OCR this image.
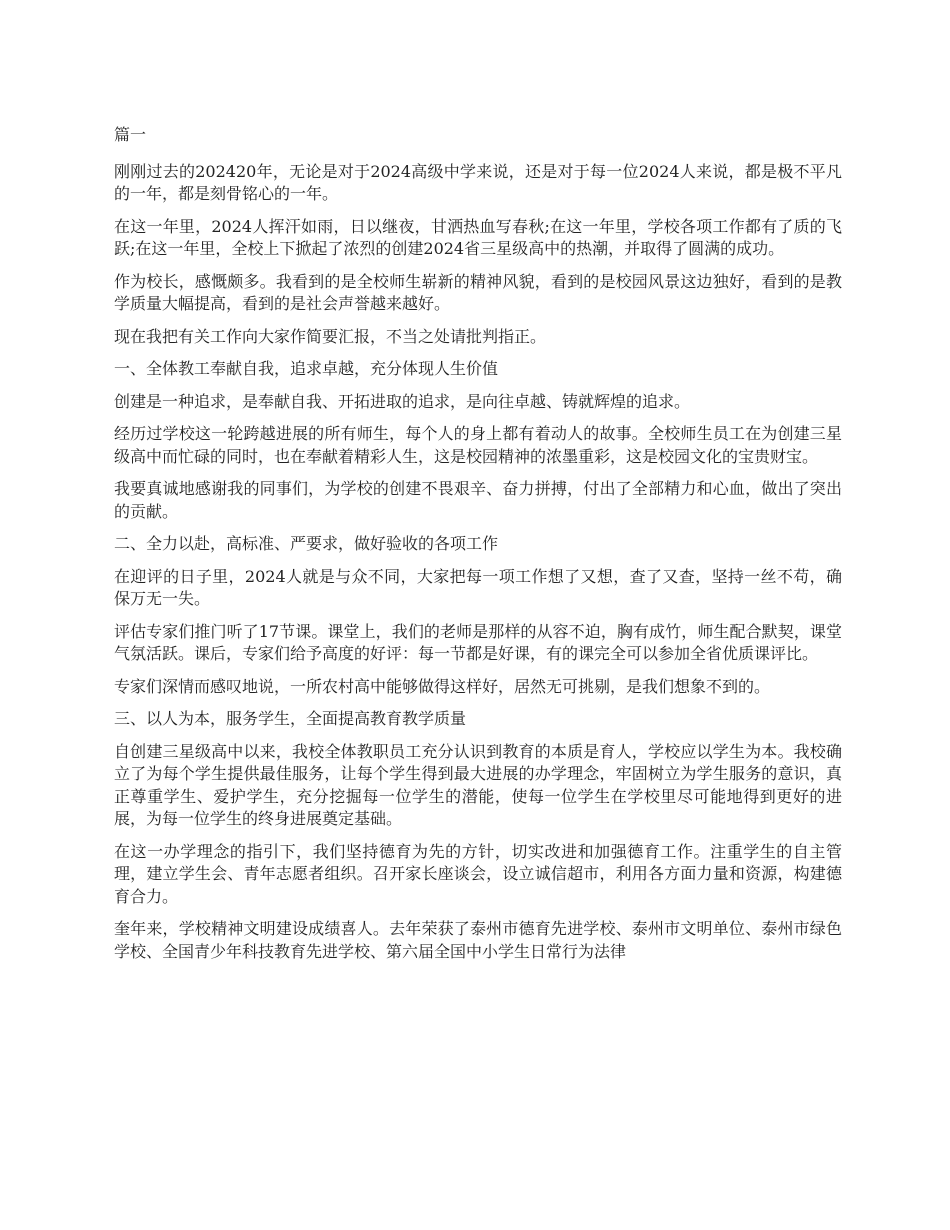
篇一

刚刚过去的202420年，无论是对于2024高级中学来说，还是对于每一位2024人来说，都是极不平凡的一年，都是刻骨铭心的一年。

在这一年里，2024人挥汗如雨，日以继夜，甘洒热血写春秋;在这一年里，学校各项工作都有了质的飞跃;在这一年里，全校上下掀起了浓烈的创建2024省三星级高中的热潮，并取得了圆满的成功。

作为校长，感慨颇多。我看到的是全校师生崭新的精神风貌，看到的是校园风景这边独好，看到的是教学质量大幅提高，看到的是社会声誉越来越好。

现在我把有关工作向大家作简要汇报，不当之处请批判指正。

一、全体教工奉献自我，追求卓越，充分体现人生价值

创建是一种追求，是奉献自我、开拓进取的追求，是向往卓越、铸就辉煌的追求。

经历过学校这一轮跨越进展的所有师生，每个人的身上都有着动人的故事。全校师生员工在为创建三星级高中而忙碌的同时，也在奉献着精彩人生，这是校园精神的浓墨重彩，这是校园文化的宝贵财宝。

我要真诚地感谢我的同事们，为学校的创建不畏艰辛、奋力拼搏，付出了全部精力和心血，做出了突出的贡献。

二、全力以赴，高标准、严要求，做好验收的各项工作

在迎评的日子里，2024人就是与众不同，大家把每一项工作想了又想，查了又查，坚持一丝不苟，确保万无一失。

评估专家们推门听了17节课。课堂上，我们的老师是那样的从容不迫，胸有成竹，师生配合默契，课堂气氛活跃。课后，专家们给予高度的好评：每一节都是好课，有的课完全可以参加全省优质课评比。

专家们深情而感叹地说，一所农村高中能够做得这样好，居然无可挑剔，是我们想象不到的。

三、以人为本，服务学生，全面提高教育教学质量

自创建三星级高中以来，我校全体教职员工充分认识到教育的本质是育人，学校应以学生为本。我校确立了为每个学生提供最佳服务，让每个学生得到最大进展的办学理念，牢固树立为学生服务的意识，真正尊重学生、爱护学生，充分挖掘每一位学生的潜能，使每一位学生在学校里尽可能地得到更好的进展，为每一位学生的终身进展奠定基础。

在这一办学理念的指引下，我们坚持德育为先的方针，切实改进和加强德育工作。注重学生的自主管理，建立学生会、青年志愿者组织。召开家长座谈会，设立诚信超市，利用各方面力量和资源，构建德育合力。

奎年来，学校精神文明建设成绩喜人。去年荣获了泰州市德育先进学校、泰州市文明单位、泰州市绿色学校、全国青少年科技教育先进学校、第六届全国中小学生日常行为法律
